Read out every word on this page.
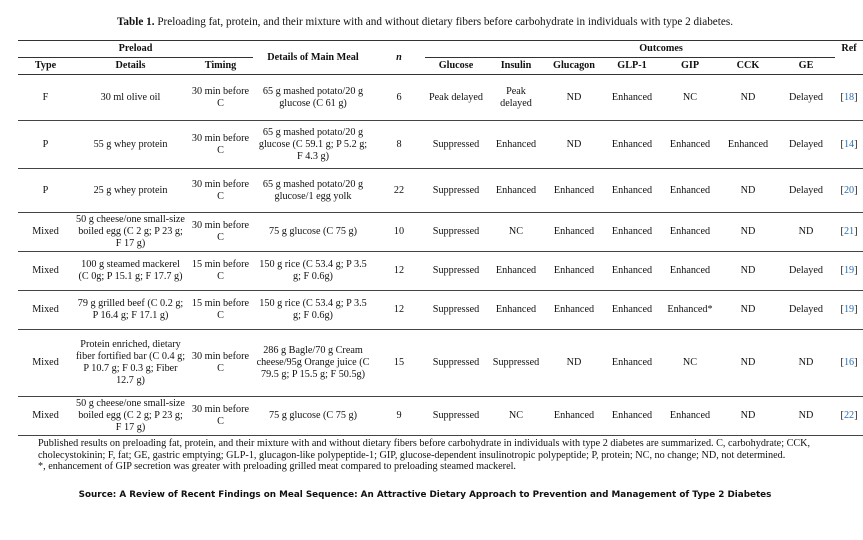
Table 1. Preloading fat, protein, and their mixture with and without dietary fibers before carbohydrate in individuals with type 2 diabetes.
Preload			Details of Main Meal	n		Outcomes						Ref
Type	Details	Timing			Glucose	Insulin	Glucagon	GLP-1	GIP	CCK	GE	
F	30 ml olive oil	30 min before C	65 g mashed potato/20 g glucose (C 61 g)	6	Peak delayed	Peak delayed	ND	Enhanced	NC	ND	Delayed	[18]
P	55 g whey protein	30 min before C	65 g mashed potato/20 g glucose (C 59.1 g; P 5.2 g; F 4.3 g)	8	Suppressed	Enhanced	ND	Enhanced	Enhanced	Enhanced	Delayed	[14]
P	25 g whey protein	30 min before C	65 g mashed potato/20 g glucose/1 egg yolk	22	Suppressed	Enhanced	Enhanced	Enhanced	Enhanced	ND	Delayed	[20]
Mixed	50 g cheese/one small-size boiled egg (C 2 g; P 23 g; F 17 g)	30 min before C	75 g glucose (C 75 g)	10	Suppressed	NC	Enhanced	Enhanced	Enhanced	ND	ND	[21]
Mixed	100 g steamed mackerel (C 0g; P 15.1 g; F 17.7 g)	15 min before C	150 g rice (C 53.4 g; P 3.5 g; F 0.6g)	12	Suppressed	Enhanced	Enhanced	Enhanced	Enhanced	ND	Delayed	[19]
Mixed	79 g grilled beef (C 0.2 g; P 16.4 g; F 17.1 g)	15 min before C	150 g rice (C 53.4 g; P 3.5 g; F 0.6g)	12	Suppressed	Enhanced	Enhanced	Enhanced	Enhanced*	ND	Delayed	[19]
Mixed	Protein enriched, dietary fiber fortified bar (C 0.4 g; P 10.7 g; F 0.3 g; Fiber 12.7 g)	30 min before C	286 g Bagle/70 g Cream cheese/95g Orange juice (C 79.5 g; P 15.5 g; F 50.5g)	15	Suppressed	Suppressed	ND	Enhanced	NC	ND	ND	[16]
Mixed	50 g cheese/one small-size boiled egg (C 2 g; P 23 g; F 17 g)	30 min before C	75 g glucose (C 75 g)	9	Suppressed	NC	Enhanced	Enhanced	Enhanced	ND	ND	[22]
Published results on preloading fat, protein, and their mixture with and without dietary fibers before carbohydrate in individuals with type 2 diabetes are summarized. C, carbohydrate; CCK, cholecystokinin; F, fat; GE, gastric emptying; GLP-1, glucagon-like polypeptide-1; GIP, glucose-dependent insulinotropic polypeptide; P, protein; NC, no change; ND, not determined.
*, enhancement of GIP secretion was greater with preloading grilled meat compared to preloading steamed mackerel.
Source: A Review of Recent Findings on Meal Sequence: An Attractive Dietary Approach to Prevention and Management of Type 2 Diabetes
